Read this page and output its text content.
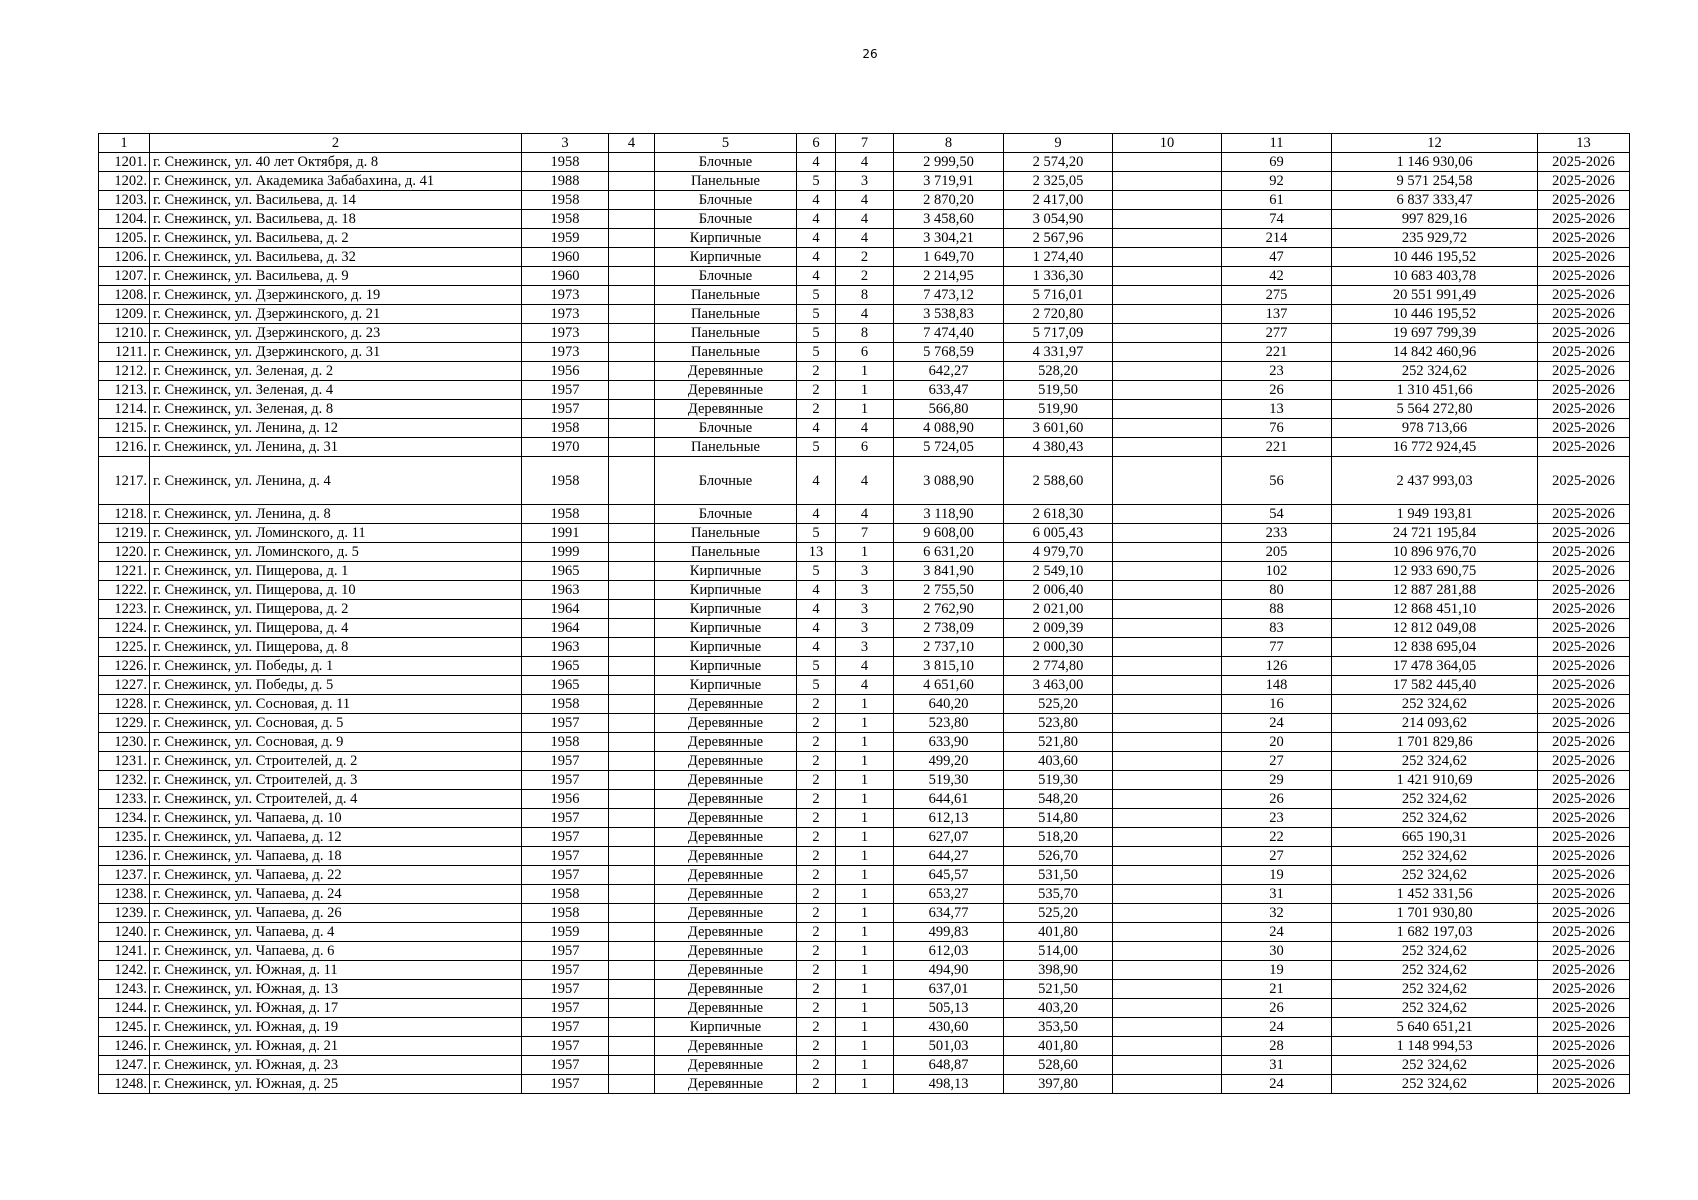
26
1	2	3	4	5	6	7	8	9	10	11	12	13
1201.	г. Снежинск, ул. 40 лет Октября, д. 8	1958		Блочные	4	4	2 999,50	2 574,20		69	1 146 930,06	2025-2026
1202.	г. Снежинск, ул. Академика Забабахина, д. 41	1988		Панельные	5	3	3 719,91	2 325,05		92	9 571 254,58	2025-2026
1203.	г. Снежинск, ул. Васильева, д. 14	1958		Блочные	4	4	2 870,20	2 417,00		61	6 837 333,47	2025-2026
1204.	г. Снежинск, ул. Васильева, д. 18	1958		Блочные	4	4	3 458,60	3 054,90		74	997 829,16	2025-2026
1205.	г. Снежинск, ул. Васильева, д. 2	1959		Кирпичные	4	4	3 304,21	2 567,96		214	235 929,72	2025-2026
1206.	г. Снежинск, ул. Васильева, д. 32	1960		Кирпичные	4	2	1 649,70	1 274,40		47	10 446 195,52	2025-2026
1207.	г. Снежинск, ул. Васильева, д. 9	1960		Блочные	4	2	2 214,95	1 336,30		42	10 683 403,78	2025-2026
1208.	г. Снежинск, ул. Дзержинского, д. 19	1973		Панельные	5	8	7 473,12	5 716,01		275	20 551 991,49	2025-2026
1209.	г. Снежинск, ул. Дзержинского, д. 21	1973		Панельные	5	4	3 538,83	2 720,80		137	10 446 195,52	2025-2026
1210.	г. Снежинск, ул. Дзержинского, д. 23	1973		Панельные	5	8	7 474,40	5 717,09		277	19 697 799,39	2025-2026
1211.	г. Снежинск, ул. Дзержинского, д. 31	1973		Панельные	5	6	5 768,59	4 331,97		221	14 842 460,96	2025-2026
1212.	г. Снежинск, ул. Зеленая, д. 2	1956		Деревянные	2	1	642,27	528,20		23	252 324,62	2025-2026
1213.	г. Снежинск, ул. Зеленая, д. 4	1957		Деревянные	2	1	633,47	519,50		26	1 310 451,66	2025-2026
1214.	г. Снежинск, ул. Зеленая, д. 8	1957		Деревянные	2	1	566,80	519,90		13	5 564 272,80	2025-2026
1215.	г. Снежинск, ул. Ленина, д. 12	1958		Блочные	4	4	4 088,90	3 601,60		76	978 713,66	2025-2026
1216.	г. Снежинск, ул. Ленина, д. 31	1970		Панельные	5	6	5 724,05	4 380,43		221	16 772 924,45	2025-2026
1217.	г. Снежинск, ул. Ленина, д. 4	1958		Блочные	4	4	3 088,90	2 588,60		56	2 437 993,03	2025-2026
1218.	г. Снежинск, ул. Ленина, д. 8	1958		Блочные	4	4	3 118,90	2 618,30		54	1 949 193,81	2025-2026
1219.	г. Снежинск, ул. Ломинского, д. 11	1991		Панельные	5	7	9 608,00	6 005,43		233	24 721 195,84	2025-2026
1220.	г. Снежинск, ул. Ломинского, д. 5	1999		Панельные	13	1	6 631,20	4 979,70		205	10 896 976,70	2025-2026
1221.	г. Снежинск, ул. Пищерова, д. 1	1965		Кирпичные	5	3	3 841,90	2 549,10		102	12 933 690,75	2025-2026
1222.	г. Снежинск, ул. Пищерова, д. 10	1963		Кирпичные	4	3	2 755,50	2 006,40		80	12 887 281,88	2025-2026
1223.	г. Снежинск, ул. Пищерова, д. 2	1964		Кирпичные	4	3	2 762,90	2 021,00		88	12 868 451,10	2025-2026
1224.	г. Снежинск, ул. Пищерова, д. 4	1964		Кирпичные	4	3	2 738,09	2 009,39		83	12 812 049,08	2025-2026
1225.	г. Снежинск, ул. Пищерова, д. 8	1963		Кирпичные	4	3	2 737,10	2 000,30		77	12 838 695,04	2025-2026
1226.	г. Снежинск, ул. Победы, д. 1	1965		Кирпичные	5	4	3 815,10	2 774,80		126	17 478 364,05	2025-2026
1227.	г. Снежинск, ул. Победы, д. 5	1965		Кирпичные	5	4	4 651,60	3 463,00		148	17 582 445,40	2025-2026
1228.	г. Снежинск, ул. Сосновая, д. 11	1958		Деревянные	2	1	640,20	525,20		16	252 324,62	2025-2026
1229.	г. Снежинск, ул. Сосновая, д. 5	1957		Деревянные	2	1	523,80	523,80		24	214 093,62	2025-2026
1230.	г. Снежинск, ул. Сосновая, д. 9	1958		Деревянные	2	1	633,90	521,80		20	1 701 829,86	2025-2026
1231.	г. Снежинск, ул. Строителей, д. 2	1957		Деревянные	2	1	499,20	403,60		27	252 324,62	2025-2026
1232.	г. Снежинск, ул. Строителей, д. 3	1957		Деревянные	2	1	519,30	519,30		29	1 421 910,69	2025-2026
1233.	г. Снежинск, ул. Строителей, д. 4	1956		Деревянные	2	1	644,61	548,20		26	252 324,62	2025-2026
1234.	г. Снежинск, ул. Чапаева, д. 10	1957		Деревянные	2	1	612,13	514,80		23	252 324,62	2025-2026
1235.	г. Снежинск, ул. Чапаева, д. 12	1957		Деревянные	2	1	627,07	518,20		22	665 190,31	2025-2026
1236.	г. Снежинск, ул. Чапаева, д. 18	1957		Деревянные	2	1	644,27	526,70		27	252 324,62	2025-2026
1237.	г. Снежинск, ул. Чапаева, д. 22	1957		Деревянные	2	1	645,57	531,50		19	252 324,62	2025-2026
1238.	г. Снежинск, ул. Чапаева, д. 24	1958		Деревянные	2	1	653,27	535,70		31	1 452 331,56	2025-2026
1239.	г. Снежинск, ул. Чапаева, д. 26	1958		Деревянные	2	1	634,77	525,20		32	1 701 930,80	2025-2026
1240.	г. Снежинск, ул. Чапаева, д. 4	1959		Деревянные	2	1	499,83	401,80		24	1 682 197,03	2025-2026
1241.	г. Снежинск, ул. Чапаева, д. 6	1957		Деревянные	2	1	612,03	514,00		30	252 324,62	2025-2026
1242.	г. Снежинск, ул. Южная, д. 11	1957		Деревянные	2	1	494,90	398,90		19	252 324,62	2025-2026
1243.	г. Снежинск, ул. Южная, д. 13	1957		Деревянные	2	1	637,01	521,50		21	252 324,62	2025-2026
1244.	г. Снежинск, ул. Южная, д. 17	1957		Деревянные	2	1	505,13	403,20		26	252 324,62	2025-2026
1245.	г. Снежинск, ул. Южная, д. 19	1957		Кирпичные	2	1	430,60	353,50		24	5 640 651,21	2025-2026
1246.	г. Снежинск, ул. Южная, д. 21	1957		Деревянные	2	1	501,03	401,80		28	1 148 994,53	2025-2026
1247.	г. Снежинск, ул. Южная, д. 23	1957		Деревянные	2	1	648,87	528,60		31	252 324,62	2025-2026
1248.	г. Снежинск, ул. Южная, д. 25	1957		Деревянные	2	1	498,13	397,80		24	252 324,62	2025-2026
